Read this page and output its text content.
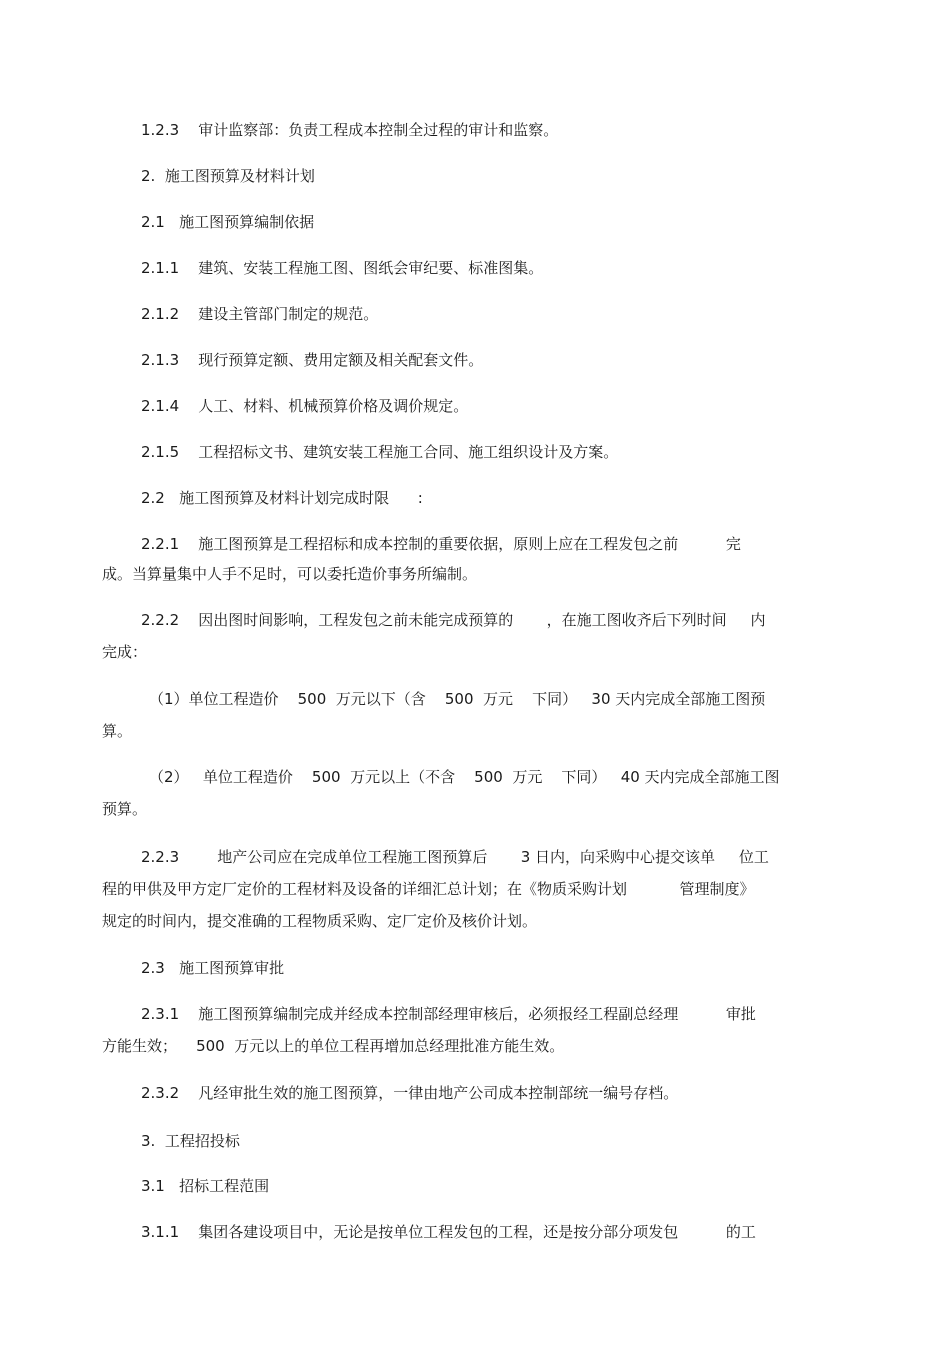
1.2.3    审计监察部：负责工程成本控制全过程的审计和监察。
2.  施工图预算及材料计划
2.1   施工图预算编制依据
2.1.1    建筑、安装工程施工图、图纸会审纪要、标准图集。
2.1.2    建设主管部门制定的规范。
2.1.3    现行预算定额、费用定额及相关配套文件。
2.1.4    人工、材料、机械预算价格及调价规定。
2.1.5    工程招标文书、建筑安装工程施工合同、施工组织设计及方案。
2.2   施工图预算及材料计划完成时限      :
2.2.1    施工图预算是工程招标和成本控制的重要依据，原则上应在工程发包之前          完
成。当算量集中人手不足时，可以委托造价事务所编制。
2.2.2    因出图时间影响，工程发包之前未能完成预算的       ，在施工图收齐后下列时间     内
完成：
（1）单位工程造价    500  万元以下（含    500  万元    下同）   30 天内完成全部施工图预
算。
（2）   单位工程造价    500  万元以上（不含    500  万元    下同）   40 天内完成全部施工图
预算。
2.2.3        地产公司应在完成单位工程施工图预算后       3 日内，向采购中心提交该单     位工
程的甲供及甲方定厂定价的工程材料及设备的详细汇总计划；在《物质采购计划           管理制度》
规定的时间内，提交准确的工程物质采购、定厂定价及核价计划。
2.3   施工图预算审批
2.3.1    施工图预算编制完成并经成本控制部经理审核后，必须报经工程副总经理          审批
方能生效；    500  万元以上的单位工程再增加总经理批准方能生效。
2.3.2    凡经审批生效的施工图预算，一律由地产公司成本控制部统一编号存档。
3.  工程招投标
3.1   招标工程范围
3.1.1    集团各建设项目中，无论是按单位工程发包的工程，还是按分部分项发包          的工
